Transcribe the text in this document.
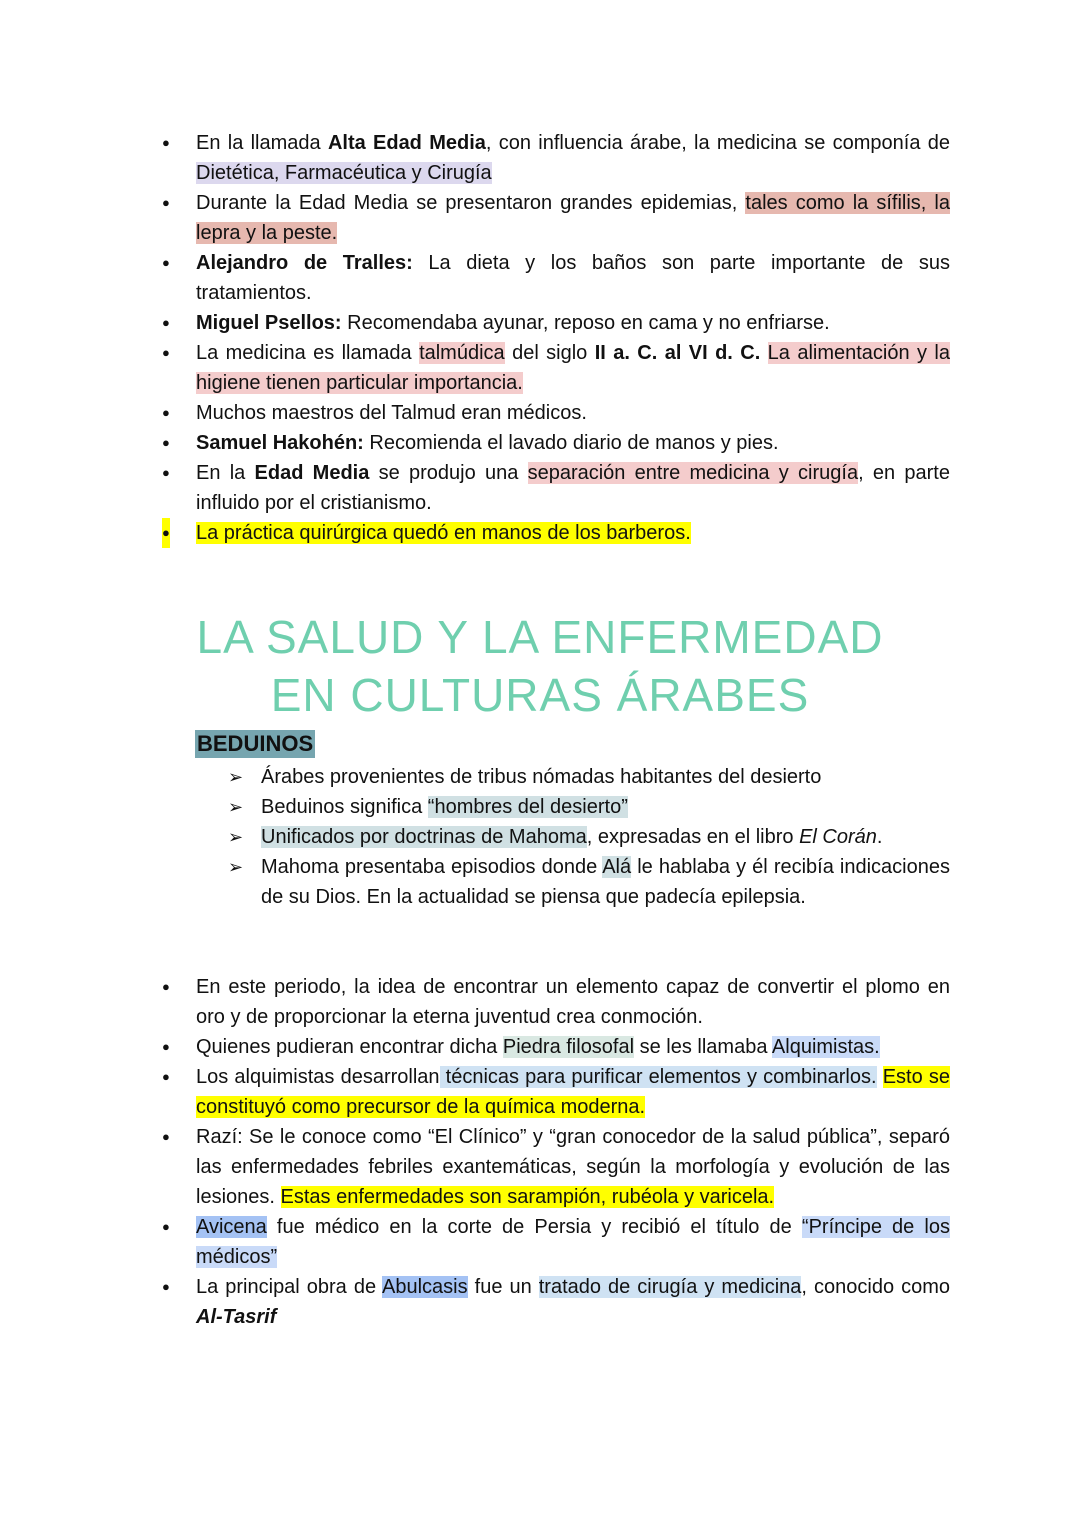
● En la llamada Alta Edad Media, con influencia árabe, la medicina se componía de Dietética, Farmacéutica y Cirugía
● Durante la Edad Media se presentaron grandes epidemias, tales como la sífilis, la lepra y la peste.
● Alejandro de Tralles: La dieta y los baños son parte importante de sus tratamientos.
● Miguel Psellos: Recomendaba ayunar, reposo en cama y no enfriarse.
● La medicina es llamada talmúdica del siglo II a. C. al VI d. C. La alimentación y la higiene tienen particular importancia.
● Muchos maestros del Talmud eran médicos.
● Samuel Hakohén: Recomienda el lavado diario de manos y pies.
● En la Edad Media se produjo una separación entre medicina y cirugía, en parte influido por el cristianismo.
● La práctica quirúrgica quedó en manos de los barberos.
LA SALUD Y LA ENFERMEDAD
EN CULTURAS ÁRABES
BEDUINOS
➢ Árabes provenientes de tribus nómadas habitantes del desierto
➢ Beduinos significa “hombres del desierto”
➢ Unificados por doctrinas de Mahoma, expresadas en el libro El Corán.
➢ Mahoma presentaba episodios donde Alá le hablaba y él recibía indicaciones de su Dios. En la actualidad se piensa que padecía epilepsia.
● En este periodo, la idea de encontrar un elemento capaz de convertir el plomo en oro y de proporcionar la eterna juventud crea conmoción.
● Quienes pudieran encontrar dicha Piedra filosofal se les llamaba Alquimistas.
● Los alquimistas desarrollan técnicas para purificar elementos y combinarlos. Esto se constituyó como precursor de la química moderna.
● Razí: Se le conoce como “El Clínico” y “gran conocedor de la salud pública”, separó las enfermedades febriles exantemáticas, según la morfología y evolución de las lesiones. Estas enfermedades son sarampión, rubéola y varicela.
● Avicena fue médico en la corte de Persia y recibió el título de “Príncipe de los médicos”
● La principal obra de Abulcasis fue un tratado de cirugía y medicina, conocido como Al-Tasrif
